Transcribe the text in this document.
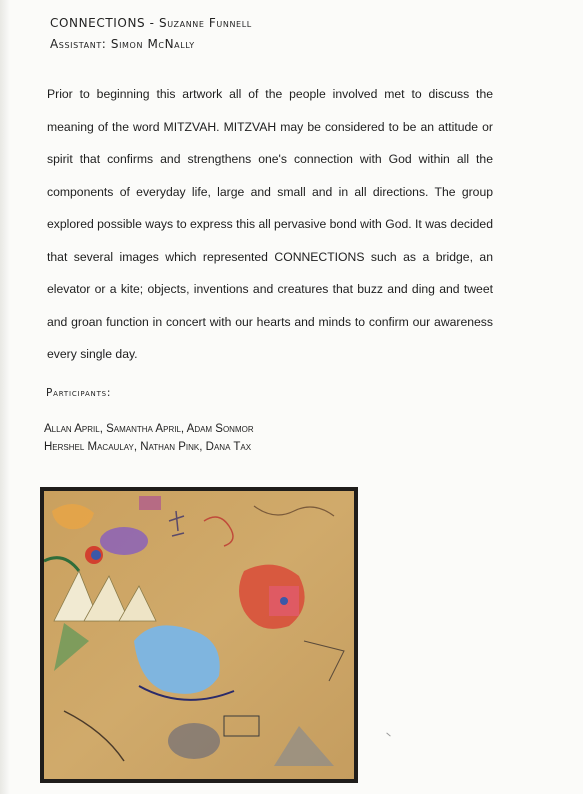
CONNECTIONS - Suzanne Funnell
Assistant: Simon McNally
Prior to beginning this artwork all of the people involved met to discuss the meaning of the word MITZVAH. MITZVAH may be considered to be an attitude or spirit that confirms and strengthens one's connection with God within all the components of everyday life, large and small and in all directions. The group explored possible ways to express this all pervasive bond with God. It was decided that several images which represented CONNECTIONS such as a bridge, an elevator or a kite; objects, inventions and creatures that buzz and ding and tweet and groan function in concert with our hearts and minds to confirm our awareness every single day.
Participants:
Allan April, Samantha April, Adam Sonmor
Hershel Macaulay, Nathan Pink, Dana Tax
